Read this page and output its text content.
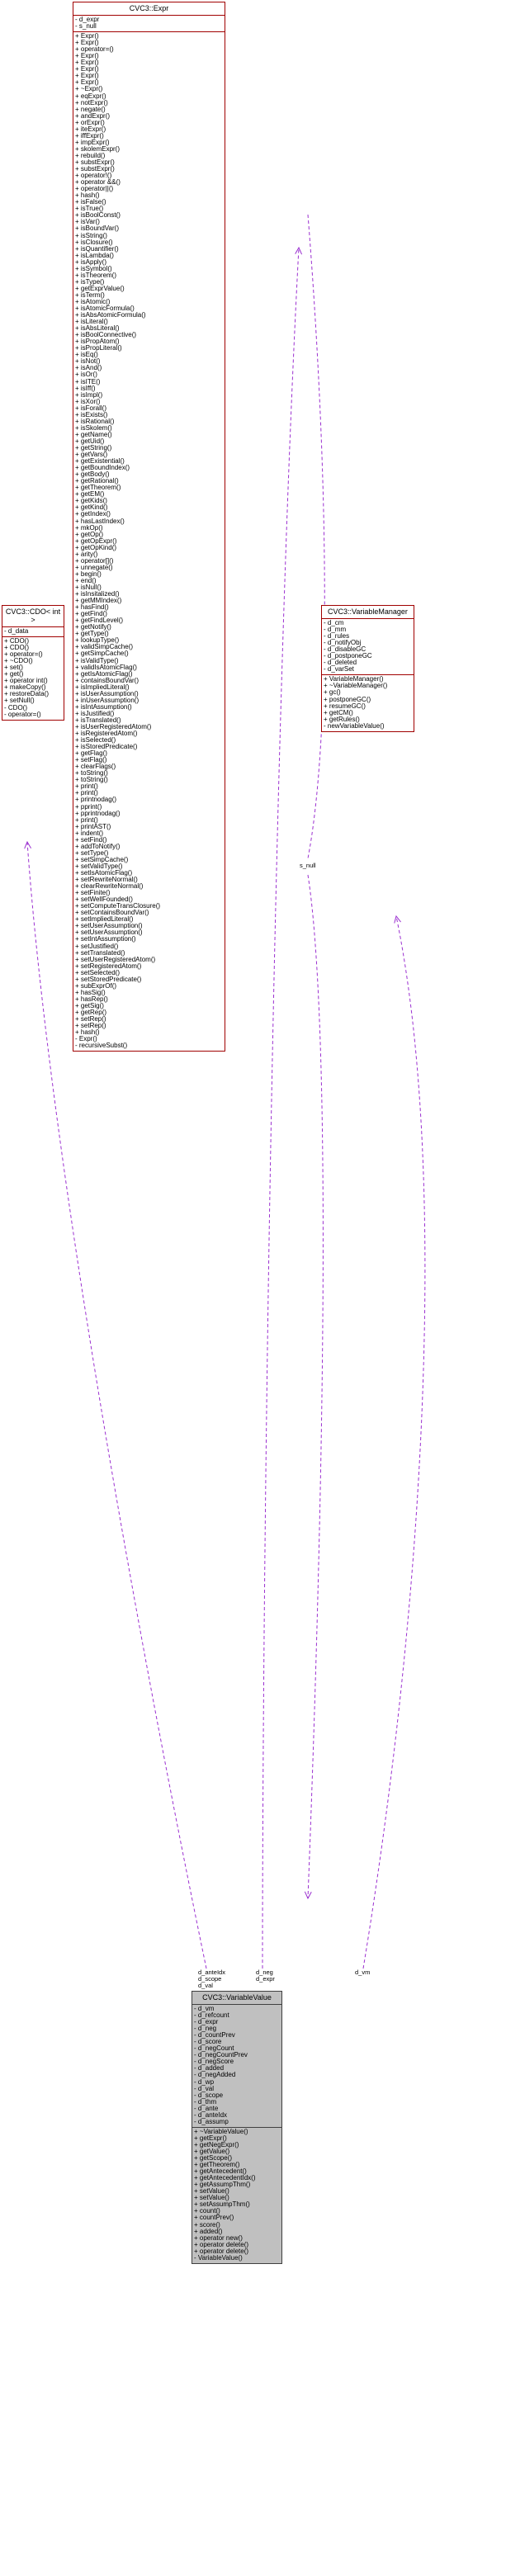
s_null
d_anteIdx
d_scope
d_val
d_neg
d_expr
d_vm
CVC3::Expr
- d_expr
- s_null
+ Expr()
+ Expr()
+ operator=()
+ Expr()
+ Expr()
+ Expr()
+ Expr()
+ Expr()
+ ~Expr()
+ eqExpr()
+ notExpr()
+ negate()
+ andExpr()
+ orExpr()
+ iteExpr()
+ iffExpr()
+ impExpr()
+ skolemExpr()
+ rebuild()
+ substExpr()
+ substExpr()
+ operator!()
+ operator &&()
+ operator||()
+ hash()
+ isFalse()
+ isTrue()
+ isBoolConst()
+ isVar()
+ isBoundVar()
+ isString()
+ isClosure()
+ isQuantifier()
+ isLambda()
+ isApply()
+ isSymbol()
+ isTheorem()
+ isType()
+ getExprValue()
+ isTerm()
+ isAtomic()
+ isAtomicFormula()
+ isAbsAtomicFormula()
+ isLiteral()
+ isAbsLiteral()
+ isBoolConnective()
+ isPropAtom()
+ isPropLiteral()
+ isEq()
+ isNot()
+ isAnd()
+ isOr()
+ isITE()
+ isIff()
+ isImpl()
+ isXor()
+ isForall()
+ isExists()
+ isRational()
+ isSkolem()
+ getName()
+ getUid()
+ getString()
+ getVars()
+ getExistential()
+ getBoundIndex()
+ getBody()
+ getRational()
+ getTheorem()
+ getEM()
+ getKids()
+ getKind()
+ getIndex()
+ hasLastIndex()
+ mkOp()
+ getOp()
+ getOpExpr()
+ getOpKind()
+ arity()
+ operator[]()
+ unnegate()
+ begin()
+ end()
+ isNull()
+ isInsitalized()
+ getMMIndex()
+ hasFind()
+ getFind()
+ getFindLevel()
+ getNotify()
+ getType()
+ lookupType()
+ validSimpCache()
+ getSimpCache()
+ isValidType()
+ validIsAtomicFlag()
+ getIsAtomicFlag()
+ containsBoundVar()
+ isImpliedLiteral()
+ isUserAssumption()
+ inUserAssumption()
+ isIntAssumption()
+ isJustified()
+ isTranslated()
+ isUserRegisteredAtom()
+ isRegisteredAtom()
+ isSelected()
+ isStoredPredicate()
+ getFlag()
+ setFlag()
+ clearFlags()
+ toString()
+ toString()
+ print()
+ print()
+ printnodag()
+ pprint()
+ pprintnodag()
+ print()
+ printAST()
+ indent()
+ setFind()
+ addToNotify()
+ setType()
+ setSimpCache()
+ setValidType()
+ setIsAtomicFlag()
+ setRewriteNormal()
+ clearRewriteNormal()
+ setFinite()
+ setWellFounded()
+ setComputeTransClosure()
+ setContainsBoundVar()
+ setImpliedLiteral()
+ setUserAssumption()
+ setUserAssumption()
+ setIntAssumption()
+ setJustified()
+ setTranslated()
+ setUserRegisteredAtom()
+ setRegisteredAtom()
+ setSelected()
+ setStoredPredicate()
+ subExprOf()
+ hasSig()
+ hasRep()
+ getSig()
+ getRep()
+ setRep()
+ setRep()
+ hash()
- Expr()
- recursiveSubst()
CVC3::CDO< int >
- d_data
+ CDO()
+ CDO()
+ operator=()
+ ~CDO()
+ set()
+ get()
+ operator int()
+ makeCopy()
+ restoreData()
+ setNull()
- CDO()
- operator=()
CVC3::VariableManager
- d_cm
- d_mm
- d_rules
- d_notifyObj
- d_disableGC
- d_postponeGC
- d_deleted
- d_varSet
+ VariableManager()
+ ~VariableManager()
+ gc()
+ postponeGC()
+ resumeGC()
+ getCM()
+ getRules()
- newVariableValue()
CVC3::VariableValue
- d_vm
- d_refcount
- d_expr
- d_neg
- d_countPrev
- d_score
- d_negCount
- d_negCountPrev
- d_negScore
- d_added
- d_negAdded
- d_wp
- d_val
- d_scope
- d_thm
- d_ante
- d_anteIdx
- d_assump
+ ~VariableValue()
+ getExpr()
+ getNegExpr()
+ getValue()
+ getScope()
+ getTheorem()
+ getAntecedent()
+ getAntecedentIdx()
+ getAssumpThm()
+ setValue()
+ setValue()
+ setAssumpThm()
+ count()
+ countPrev()
+ score()
+ added()
+ operator new()
+ operator delete()
+ operator delete()
- VariableValue()
